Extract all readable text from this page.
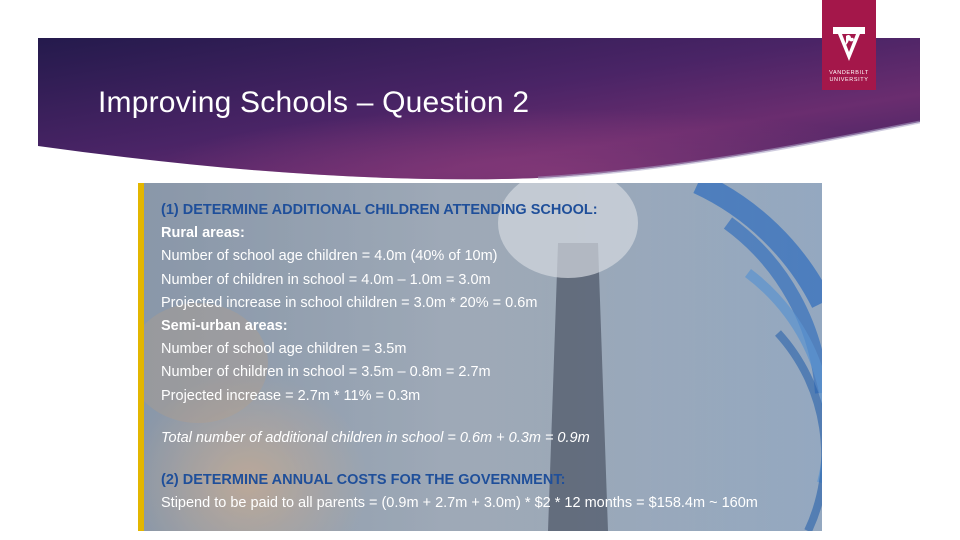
Improving Schools – Question 2
VANDERBILT
UNIVERSITY
(1) DETERMINE ADDITIONAL CHILDREN ATTENDING SCHOOL:
Rural areas:
Number of school age children = 4.0m (40% of 10m)
Number of children in school = 4.0m – 1.0m = 3.0m
Projected increase in school children = 3.0m * 20% = 0.6m
Semi-urban areas:
Number of school age children = 3.5m
Number of children in school = 3.5m – 0.8m = 2.7m
Projected increase = 2.7m * 11% = 0.3m
Total number of additional children in school = 0.6m + 0.3m = 0.9m
(2) DETERMINE ANNUAL COSTS FOR THE GOVERNMENT:
Stipend to be paid to all parents = (0.9m + 2.7m + 3.0m) * $2 * 12 months = $158.4m ~ 160m
